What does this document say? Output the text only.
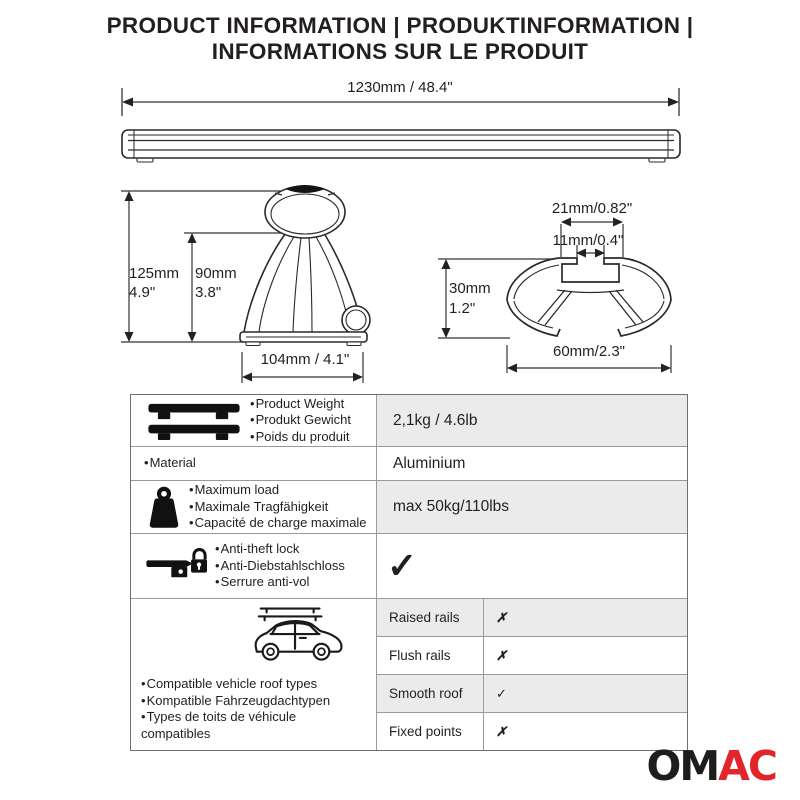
PRODUCT INFORMATION | PRODUKTINFORMATION |
INFORMATIONS SUR LE PRODUIT
1230mm / 48.4"
125mm
4.9"
90mm
3.8"
104mm / 4.1"
21mm/0.82"
11mm/0.4"
30mm
1.2"
60mm/2.3"
• Product Weight
• Produkt Gewicht
• Poids du produit
2,1kg / 4.6lb
• Material	Aluminium
• Maximum load
• Maximale Tragfähigkeit
• Capacité de charge maximale
max 50kg/110lbs
• Anti-theft lock
• Anti-Diebstahlschloss
• Serrure anti-vol	✓
• Compatible vehicle roof types
• Kompatible Fahrzeugdachtypen
• Types de toits de véhicule compatibles
Raised rails	✗
Flush rails	✗
Smooth roof	✓
Fixed points	✗
OMAC
